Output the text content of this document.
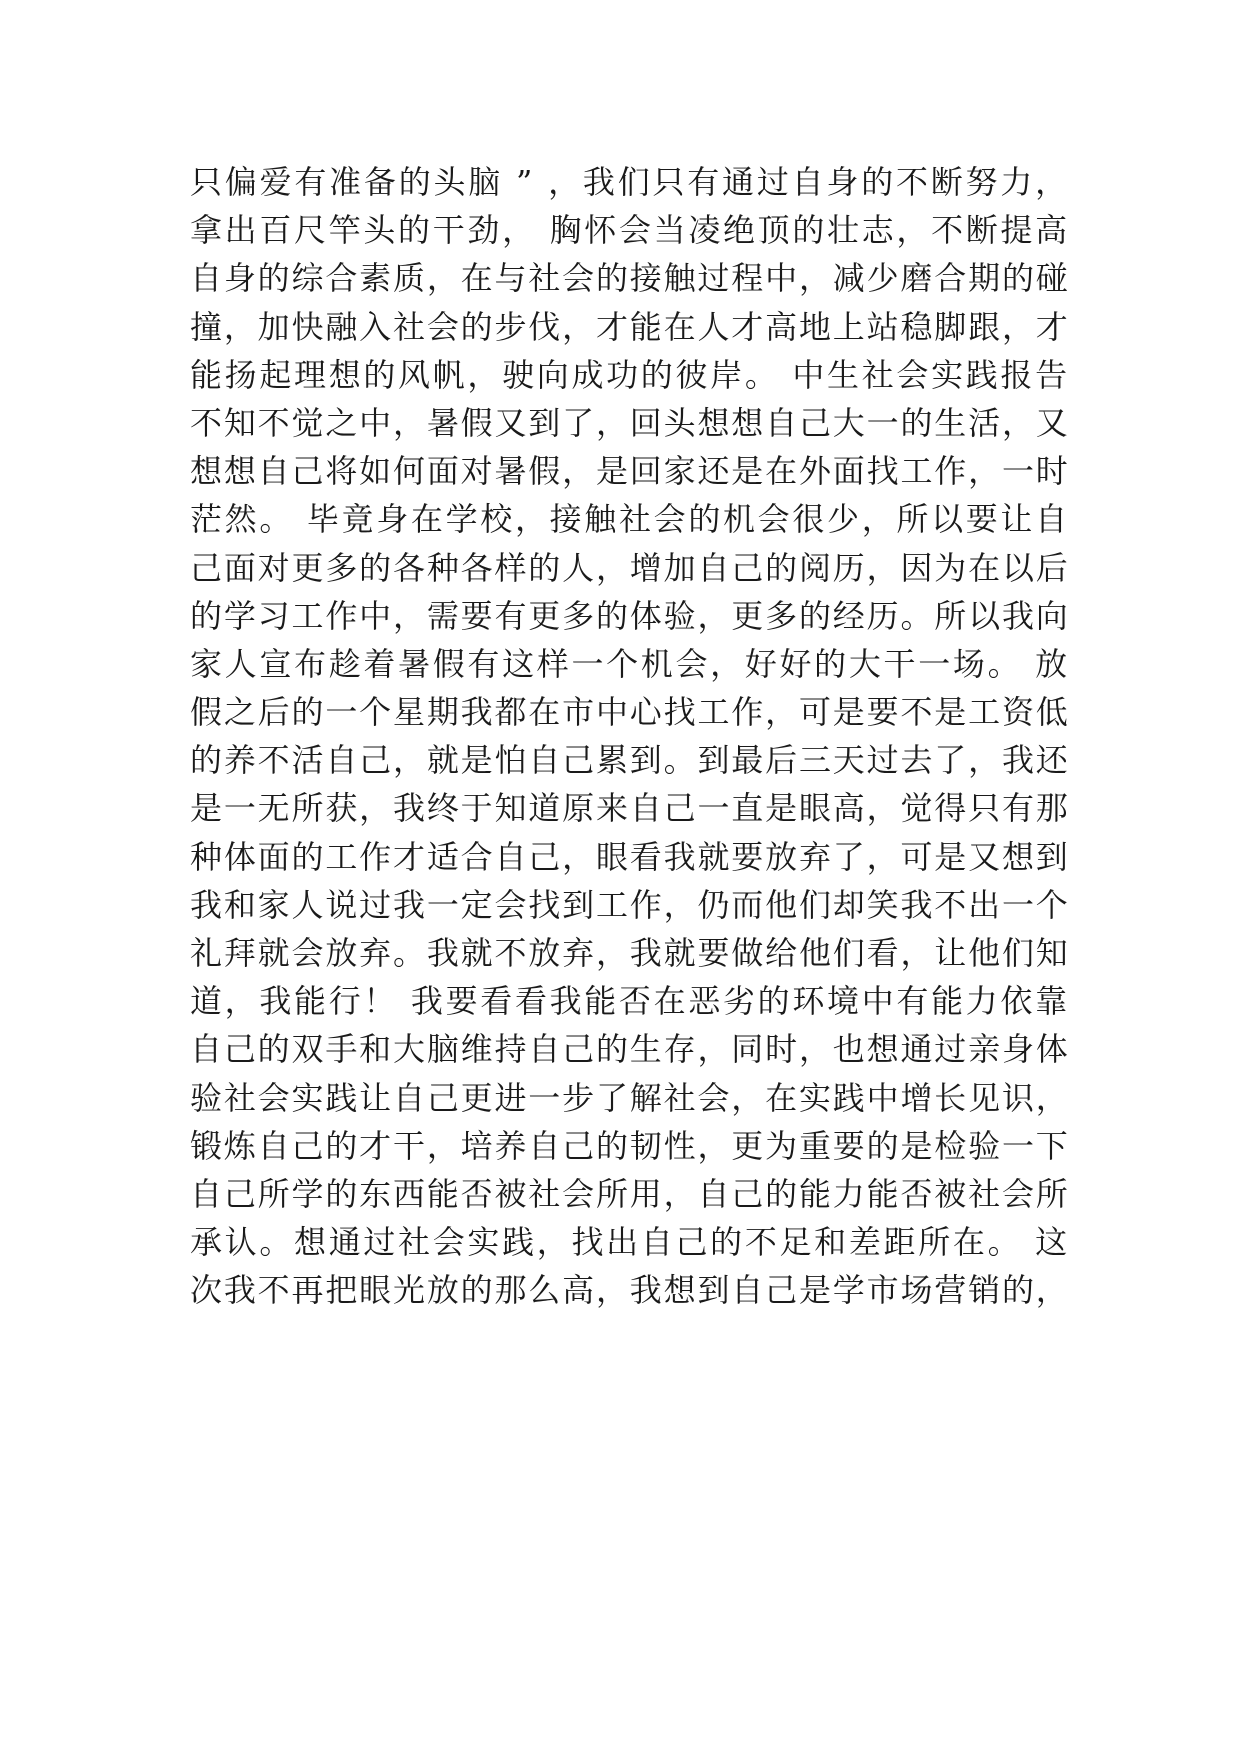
只偏爱有准备的头脑 ” ，我们只有通过自身的不断努力，
拿出百尺竿头的干劲， 胸怀会当凌绝顶的壮志，不断提高
自身的综合素质，在与社会的接触过程中，减少磨合期的碰
撞，加快融入社会的步伐，才能在人才高地上站稳脚跟，才
能扬起理想的风帆，驶向成功的彼岸。 中生社会实践报告
不知不觉之中，暑假又到了，回头想想自己大一的生活，又
想想自己将如何面对暑假，是回家还是在外面找工作，一时
茫然。 毕竟身在学校，接触社会的机会很少，所以要让自
己面对更多的各种各样的人，增加自己的阅历，因为在以后
的学习工作中，需要有更多的体验，更多的经历。所以我向
家人宣布趁着暑假有这样一个机会，好好的大干一场。 放
假之后的一个星期我都在市中心找工作，可是要不是工资低
的养不活自己，就是怕自己累到。到最后三天过去了，我还
是一无所获，我终于知道原来自己一直是眼高，觉得只有那
种体面的工作才适合自己，眼看我就要放弃了，可是又想到
我和家人说过我一定会找到工作，仍而他们却笑我不出一个
礼拜就会放弃。我就不放弃，我就要做给他们看，让他们知
道，我能行！ 我要看看我能否在恶劣的环境中有能力依靠
自己的双手和大脑维持自己的生存，同时，也想通过亲身体
验社会实践让自己更进一步了解社会，在实践中增长见识，
锻炼自己的才干，培养自己的韧性，更为重要的是检验一下
自己所学的东西能否被社会所用，自己的能力能否被社会所
承认。想通过社会实践，找出自己的不足和差距所在。 这
次我不再把眼光放的那么高，我想到自己是学市场营销的，
